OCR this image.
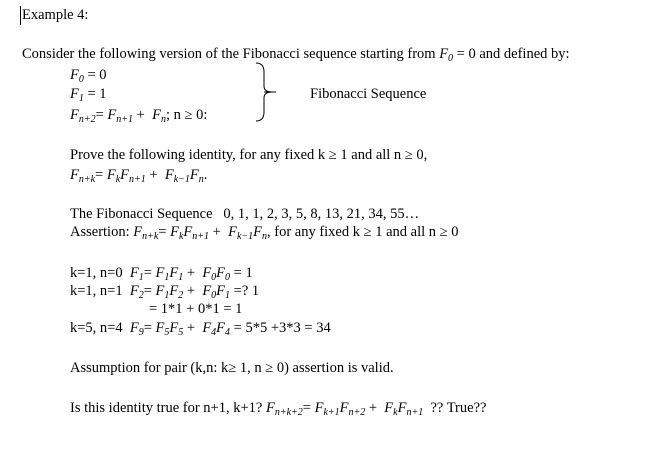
Example 4:
Consider the following version of the Fibonacci sequence starting from $F_0 = 0$ and defined by:
$F_0 = 0$
$F_1 = 1$
$F_{n+2}= F_{n+1} + F_n$; n ≥ 0:
Fibonacci Sequence
Prove the following identity, for any fixed k ≥ 1 and all n ≥ 0,
$F_{n+k}= F_kF_{n+1} + F_{k-1}F_n$.
The Fibonacci Sequence 0, 1, 1, 2, 3, 5, 8, 13, 21, 34, 55…
Assertion: $F_{n+k}= F_kF_{n+1} + F_{k-1}F_n$, for any fixed k ≥ 1 and all n ≥ 0
k=1, n=0 $F_1= F_1F_1 + F_0F_0 = 1$
k=1, n=1 $F_2= F_1F_2 + F_0F_1$ =? 1
= 1*1 + 0*1 = 1
k=5, n=4 $F_9= F_5F_5 + F_4F_4 = 5*5 +3*3 = 34$
Assumption for pair (k,n: k≥ 1, n ≥ 0) assertion is valid.
Is this identity true for n+1, k+1? $F_{n+k+2}= F_{k+1}F_{n+2} + F_kF_{n+1}$ ?? True??
